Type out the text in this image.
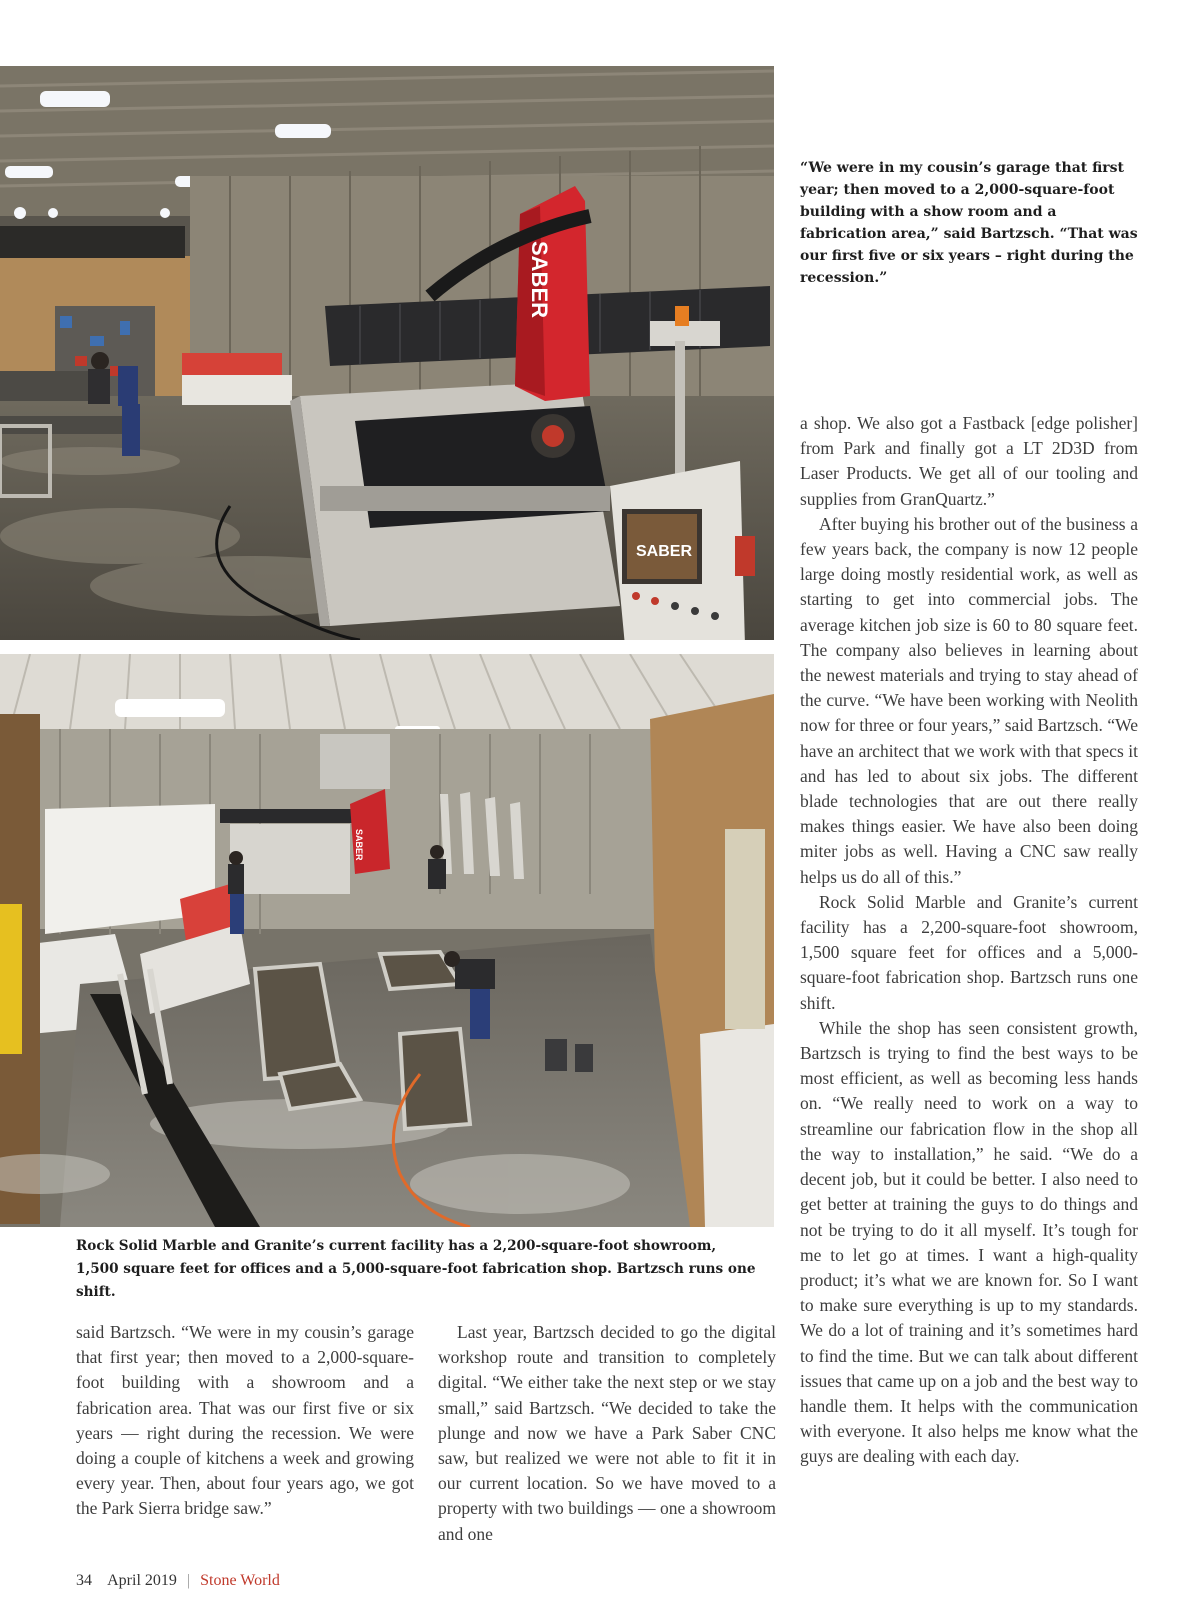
SABER
SABER
SABER
“We were in my cousin’s garage that first year; then moved to a 2,000-square-foot building with a show room and a fabrication area,” said Bartzsch. “That was our first five or six years – right during the recession.”
Rock Solid Marble and Granite’s current facility has a 2,200-square-foot showroom, 1,500 square feet for offices and a 5,000-square-foot fabrication shop. Bartzsch runs one shift.

said Bartzsch. “We were in my cousin’s garage that first year; then moved to a 2,000-square-foot building with a showroom and a fabrication area. That was our first five or six years — right during the recession. We were doing a couple of kitchens a week and growing every year. Then, about four years ago, we got the Park Sierra bridge saw.”

Last year, Bartzsch decided to go the digital workshop route and transition to completely digital. “We either take the next step or we stay small,” said Bartzsch. “We decided to take the plunge and now we have a Park Saber CNC saw, but realized we were not able to fit it in our current location. So we have moved to a property with two buildings — one a showroom and one

a shop. We also got a Fastback [edge polisher] from Park and finally got a LT 2D3D from Laser Products. We get all of our tooling and supplies from GranQuartz.”

After buying his brother out of the business a few years back, the company is now 12 people large doing mostly residential work, as well as starting to get into commercial jobs. The average kitchen job size is 60 to 80 square feet. The company also believes in learning about the newest materials and trying to stay ahead of the curve. “We have been working with Neolith now for three or four years,” said Bartzsch. “We have an architect that we work with that specs it and has led to about six jobs. The different blade technologies that are out there really makes things easier. We have also been doing miter jobs as well. Having a CNC saw really helps us do all of this.”

Rock Solid Marble and Granite’s current facility has a 2,200-square-foot showroom, 1,500 square feet for offices and a 5,000-square-foot fabrication shop. Bartzsch runs one shift.

While the shop has seen consistent growth, Bartzsch is trying to find the best ways to be most efficient, as well as becoming less hands on. “We really need to work on a way to streamline our fabrication flow in the shop all the way to installation,” he said. “We do a decent job, but it could be better. I also need to get better at training the guys to do things and not be trying to do it all myself. It’s tough for me to let go at times. I want a high-quality product; it’s what we are known for. So I want to make sure everything is up to my standards. We do a lot of training and it’s sometimes hard to find the time. But we can talk about different issues that came up on a job and the best way to handle them. It helps with the communication with everyone. It also helps me know what the guys are dealing with each day.

34 April 2019 | Stone World
